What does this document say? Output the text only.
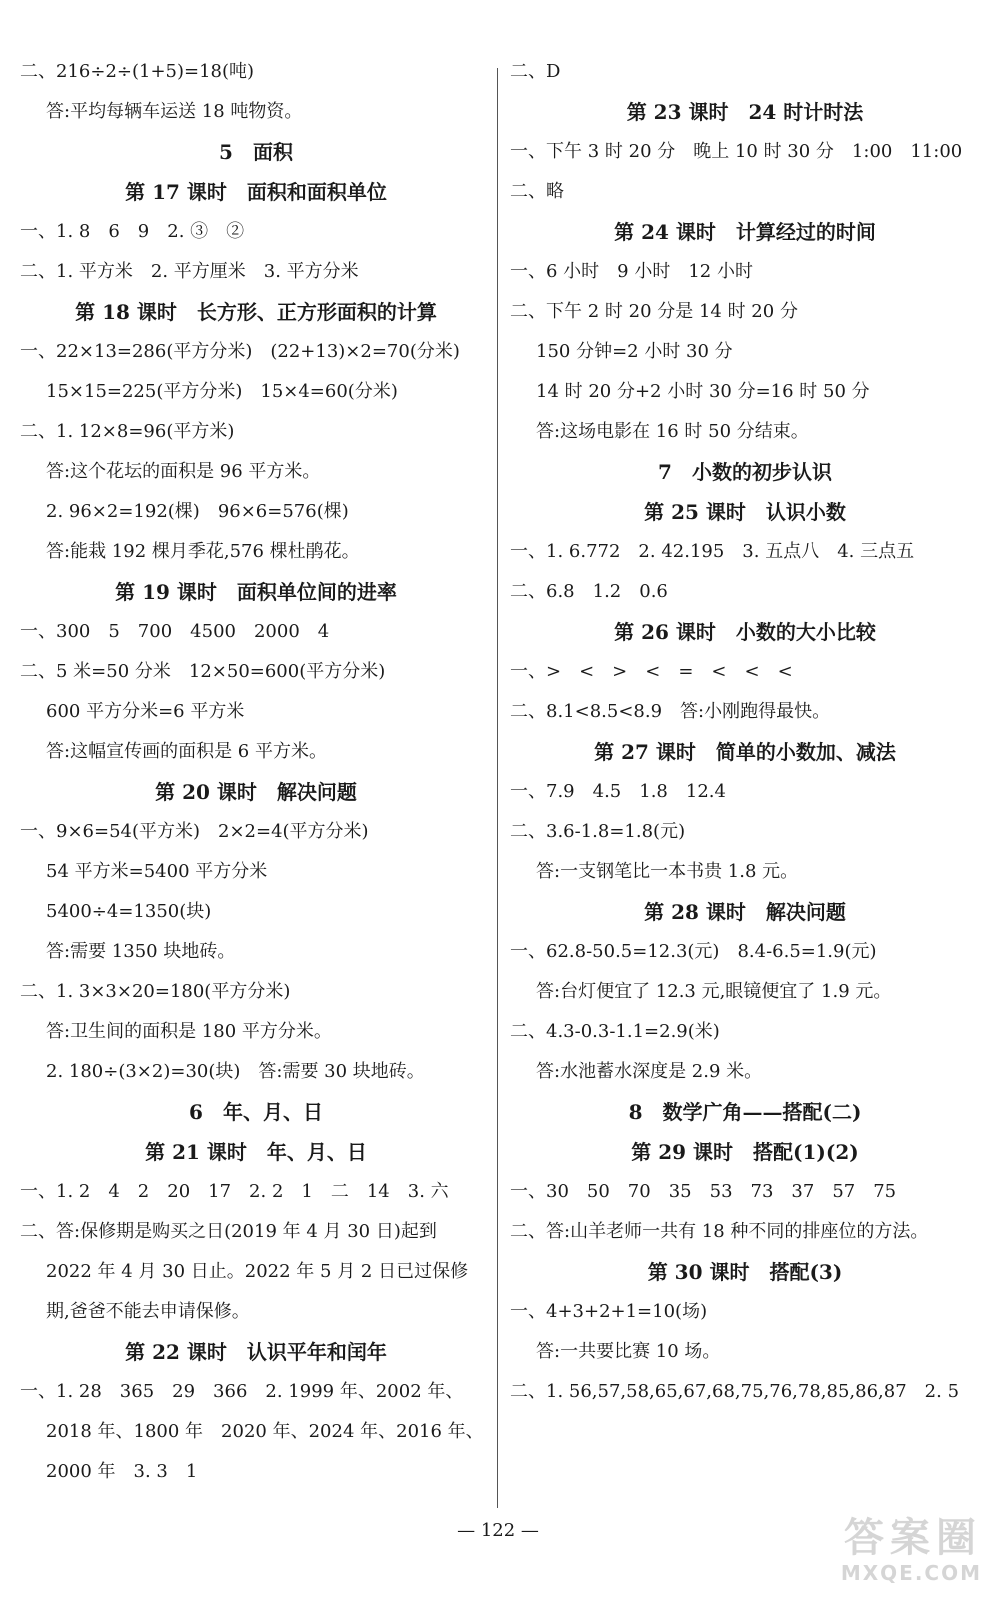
二、216÷2÷(1+5)=18(吨)
答:平均每辆车运送 18 吨物资。
5　面积
第 17 课时　面积和面积单位
一、1. 8　6　9　2. ③　②
二、1. 平方米　2. 平方厘米　3. 平方分米
第 18 课时　长方形、正方形面积的计算
一、22×13=286(平方分米)　(22+13)×2=70(分米)
15×15=225(平方分米)　15×4=60(分米)
二、1. 12×8=96(平方米)
答:这个花坛的面积是 96 平方米。
2. 96×2=192(棵)　96×6=576(棵)
答:能栽 192 棵月季花,576 棵杜鹃花。
第 19 课时　面积单位间的进率
一、300　5　700　4500　2000　4
二、5 米=50 分米　12×50=600(平方分米)
600 平方分米=6 平方米
答:这幅宣传画的面积是 6 平方米。
第 20 课时　解决问题
一、9×6=54(平方米)　2×2=4(平方分米)
54 平方米=5400 平方分米
5400÷4=1350(块)
答:需要 1350 块地砖。
二、1. 3×3×20=180(平方分米)
答:卫生间的面积是 180 平方分米。
2. 180÷(3×2)=30(块)　答:需要 30 块地砖。
6　年、月、日
第 21 课时　年、月、日
一、1. 2　4　2　20　17　2. 2　1　二　14　3. 六
二、答:保修期是购买之日(2019 年 4 月 30 日)起到
2022 年 4 月 30 日止。2022 年 5 月 2 日已过保修
期,爸爸不能去申请保修。
第 22 课时　认识平年和闰年
一、1. 28　365　29　366　2. 1999 年、2002 年、
2018 年、1800 年　2020 年、2024 年、2016 年、
2000 年　3. 3　1
二、D
第 23 课时　24 时计时法
一、下午 3 时 20 分　晚上 10 时 30 分　1:00　11:00
二、略
第 24 课时　计算经过的时间
一、6 小时　9 小时　12 小时
二、下午 2 时 20 分是 14 时 20 分
150 分钟=2 小时 30 分
14 时 20 分+2 小时 30 分=16 时 50 分
答:这场电影在 16 时 50 分结束。
7　小数的初步认识
第 25 课时　认识小数
一、1. 6.772　2. 42.195　3. 五点八　4. 三点五
二、6.8　1.2　0.6
第 26 课时　小数的大小比较
一、>　<　>　<　=　<　<　<
二、8.1<8.5<8.9　答:小刚跑得最快。
第 27 课时　简单的小数加、减法
一、7.9　4.5　1.8　12.4
二、3.6-1.8=1.8(元)
答:一支钢笔比一本书贵 1.8 元。
第 28 课时　解决问题
一、62.8-50.5=12.3(元)　8.4-6.5=1.9(元)
答:台灯便宜了 12.3 元,眼镜便宜了 1.9 元。
二、4.3-0.3-1.1=2.9(米)
答:水池蓄水深度是 2.9 米。
8　数学广角——搭配(二)
第 29 课时　搭配(1)(2)
一、30　50　70　35　53　73　37　57　75
二、答:山羊老师一共有 18 种不同的排座位的方法。
第 30 课时　搭配(3)
一、4+3+2+1=10(场)
答:一共要比赛 10 场。
二、1. 56,57,58,65,67,68,75,76,78,85,86,87　2. 5
— 122 —	答案圈
MXQE.COM
